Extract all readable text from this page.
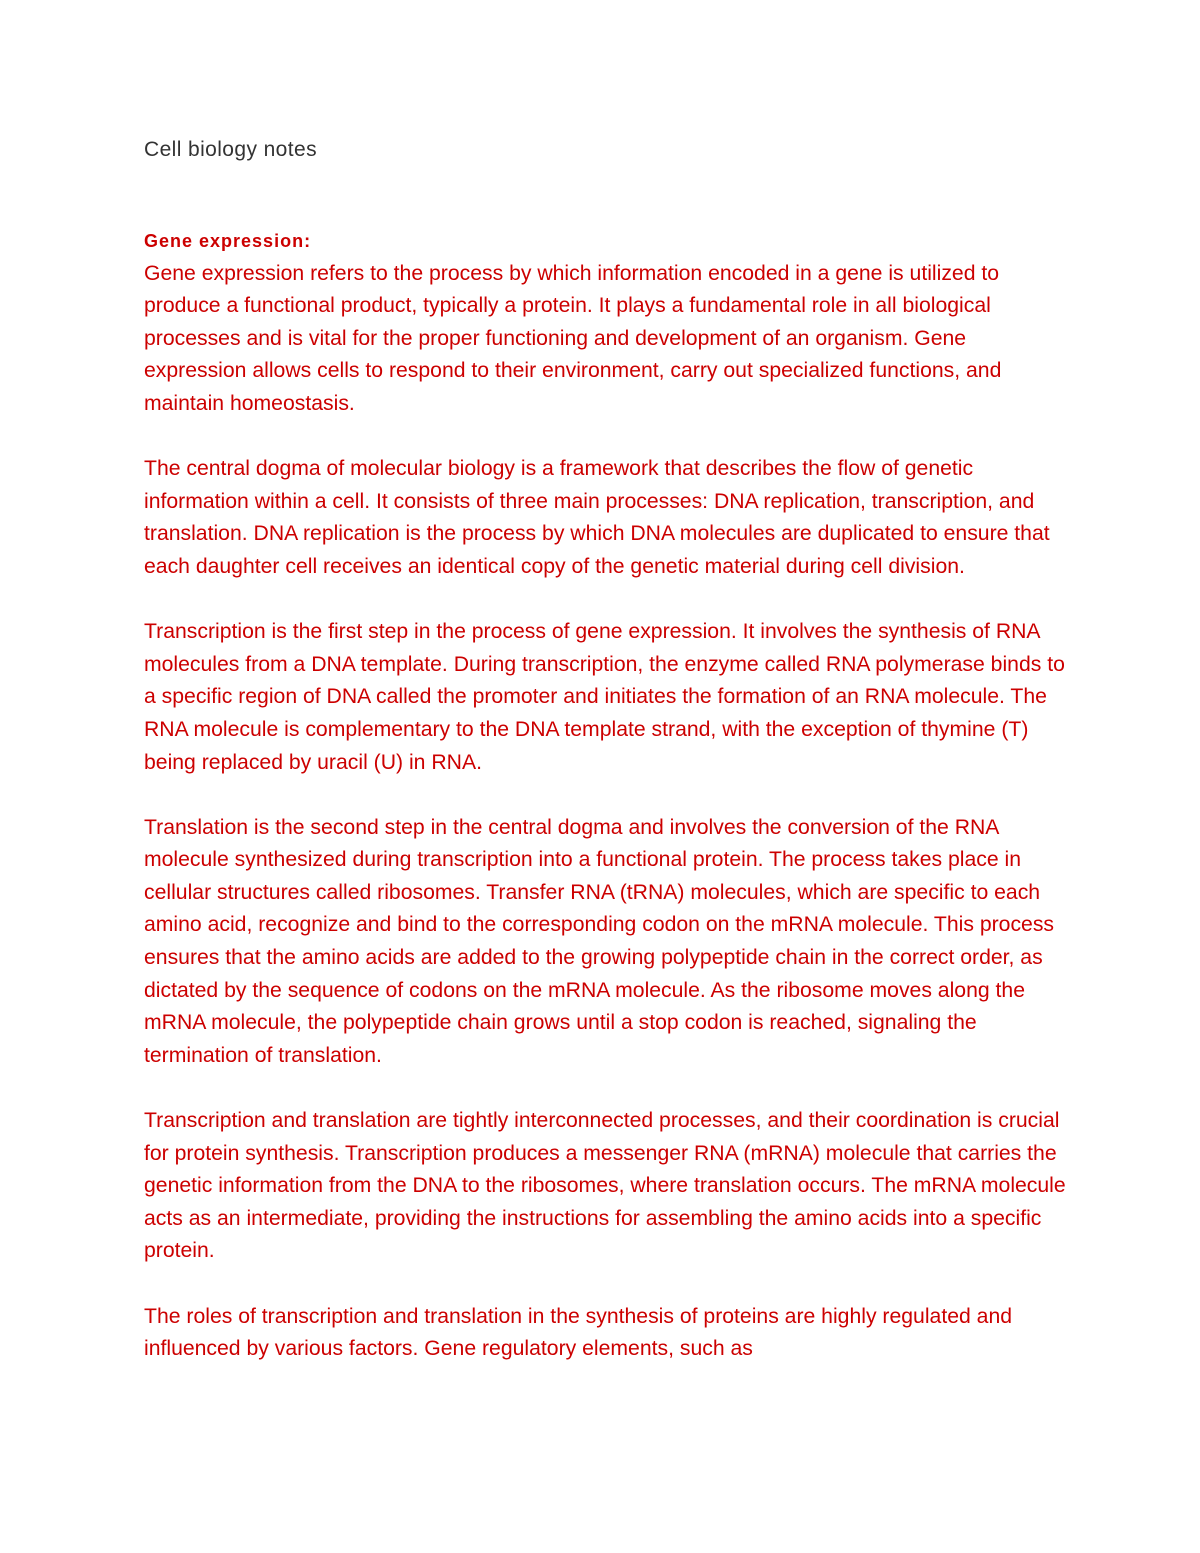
Cell biology notes
Gene expression:

Gene expression refers to the process by which information encoded in a gene is utilized to produce a functional product, typically a protein. It plays a fundamental role in all biological processes and is vital for the proper functioning and development of an organism. Gene expression allows cells to respond to their environment, carry out specialized functions, and maintain homeostasis.

The central dogma of molecular biology is a framework that describes the flow of genetic information within a cell. It consists of three main processes: DNA replication, transcription, and translation. DNA replication is the process by which DNA molecules are duplicated to ensure that each daughter cell receives an identical copy of the genetic material during cell division.

Transcription is the first step in the process of gene expression. It involves the synthesis of RNA molecules from a DNA template. During transcription, the enzyme called RNA polymerase binds to a specific region of DNA called the promoter and initiates the formation of an RNA molecule. The RNA molecule is complementary to the DNA template strand, with the exception of thymine (T) being replaced by uracil (U) in RNA.

Translation is the second step in the central dogma and involves the conversion of the RNA molecule synthesized during transcription into a functional protein. The process takes place in cellular structures called ribosomes. Transfer RNA (tRNA) molecules, which are specific to each amino acid, recognize and bind to the corresponding codon on the mRNA molecule. This process ensures that the amino acids are added to the growing polypeptide chain in the correct order, as dictated by the sequence of codons on the mRNA molecule. As the ribosome moves along the mRNA molecule, the polypeptide chain grows until a stop codon is reached, signaling the termination of translation.

Transcription and translation are tightly interconnected processes, and their coordination is crucial for protein synthesis. Transcription produces a messenger RNA (mRNA) molecule that carries the genetic information from the DNA to the ribosomes, where translation occurs. The mRNA molecule acts as an intermediate, providing the instructions for assembling the amino acids into a specific protein.

The roles of transcription and translation in the synthesis of proteins are highly regulated and influenced by various factors. Gene regulatory elements, such as
